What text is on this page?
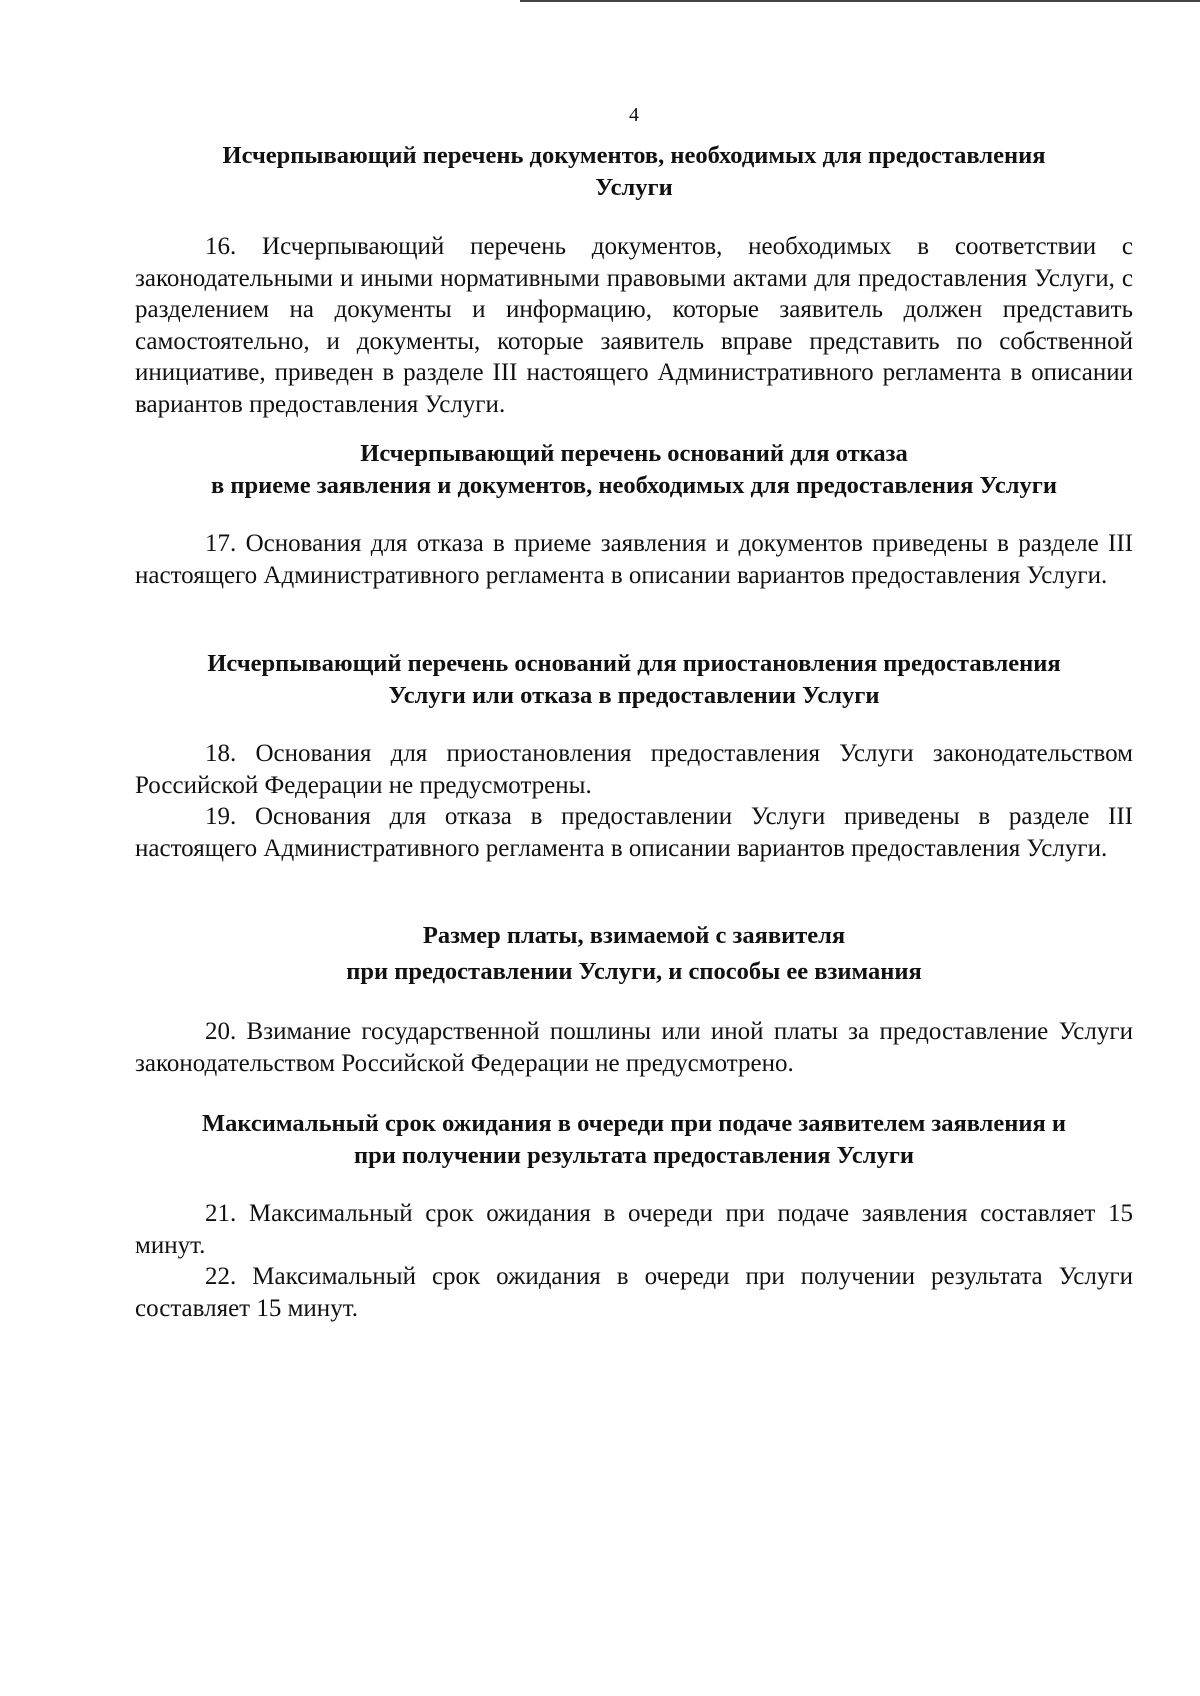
4

Исчерпывающий перечень документов, необходимых для предоставления
Услуги

16. Исчерпывающий перечень документов, необходимых в соответствии с законодательными и иными нормативными правовыми актами для предоставления Услуги, с разделением на документы и информацию, которые заявитель должен представить самостоятельно, и документы, которые заявитель вправе представить по собственной инициативе, приведен в разделе III настоящего Административного регламента в описании вариантов предоставления Услуги.

Исчерпывающий перечень оснований для отказа
в приеме заявления и документов, необходимых для предоставления Услуги

17. Основания для отказа в приеме заявления и документов приведены в разделе III настоящего Административного регламента в описании вариантов предоставления Услуги.

Исчерпывающий перечень оснований для приостановления предоставления
Услуги или отказа в предоставлении Услуги

18. Основания для приостановления предоставления Услуги законодательством Российской Федерации не предусмотрены.

19. Основания для отказа в предоставлении Услуги приведены в разделе III настоящего Административного регламента в описании вариантов предоставления Услуги.

Размер платы, взимаемой с заявителя
при предоставлении Услуги, и способы ее взимания

20. Взимание государственной пошлины или иной платы за предоставление Услуги законодательством Российской Федерации не предусмотрено.

Максимальный срок ожидания в очереди при подаче заявителем заявления и
при получении результата предоставления Услуги

21. Максимальный срок ожидания в очереди при подаче заявления составляет 15 минут.

22. Максимальный срок ожидания в очереди при получении результата Услуги составляет 15 минут.
